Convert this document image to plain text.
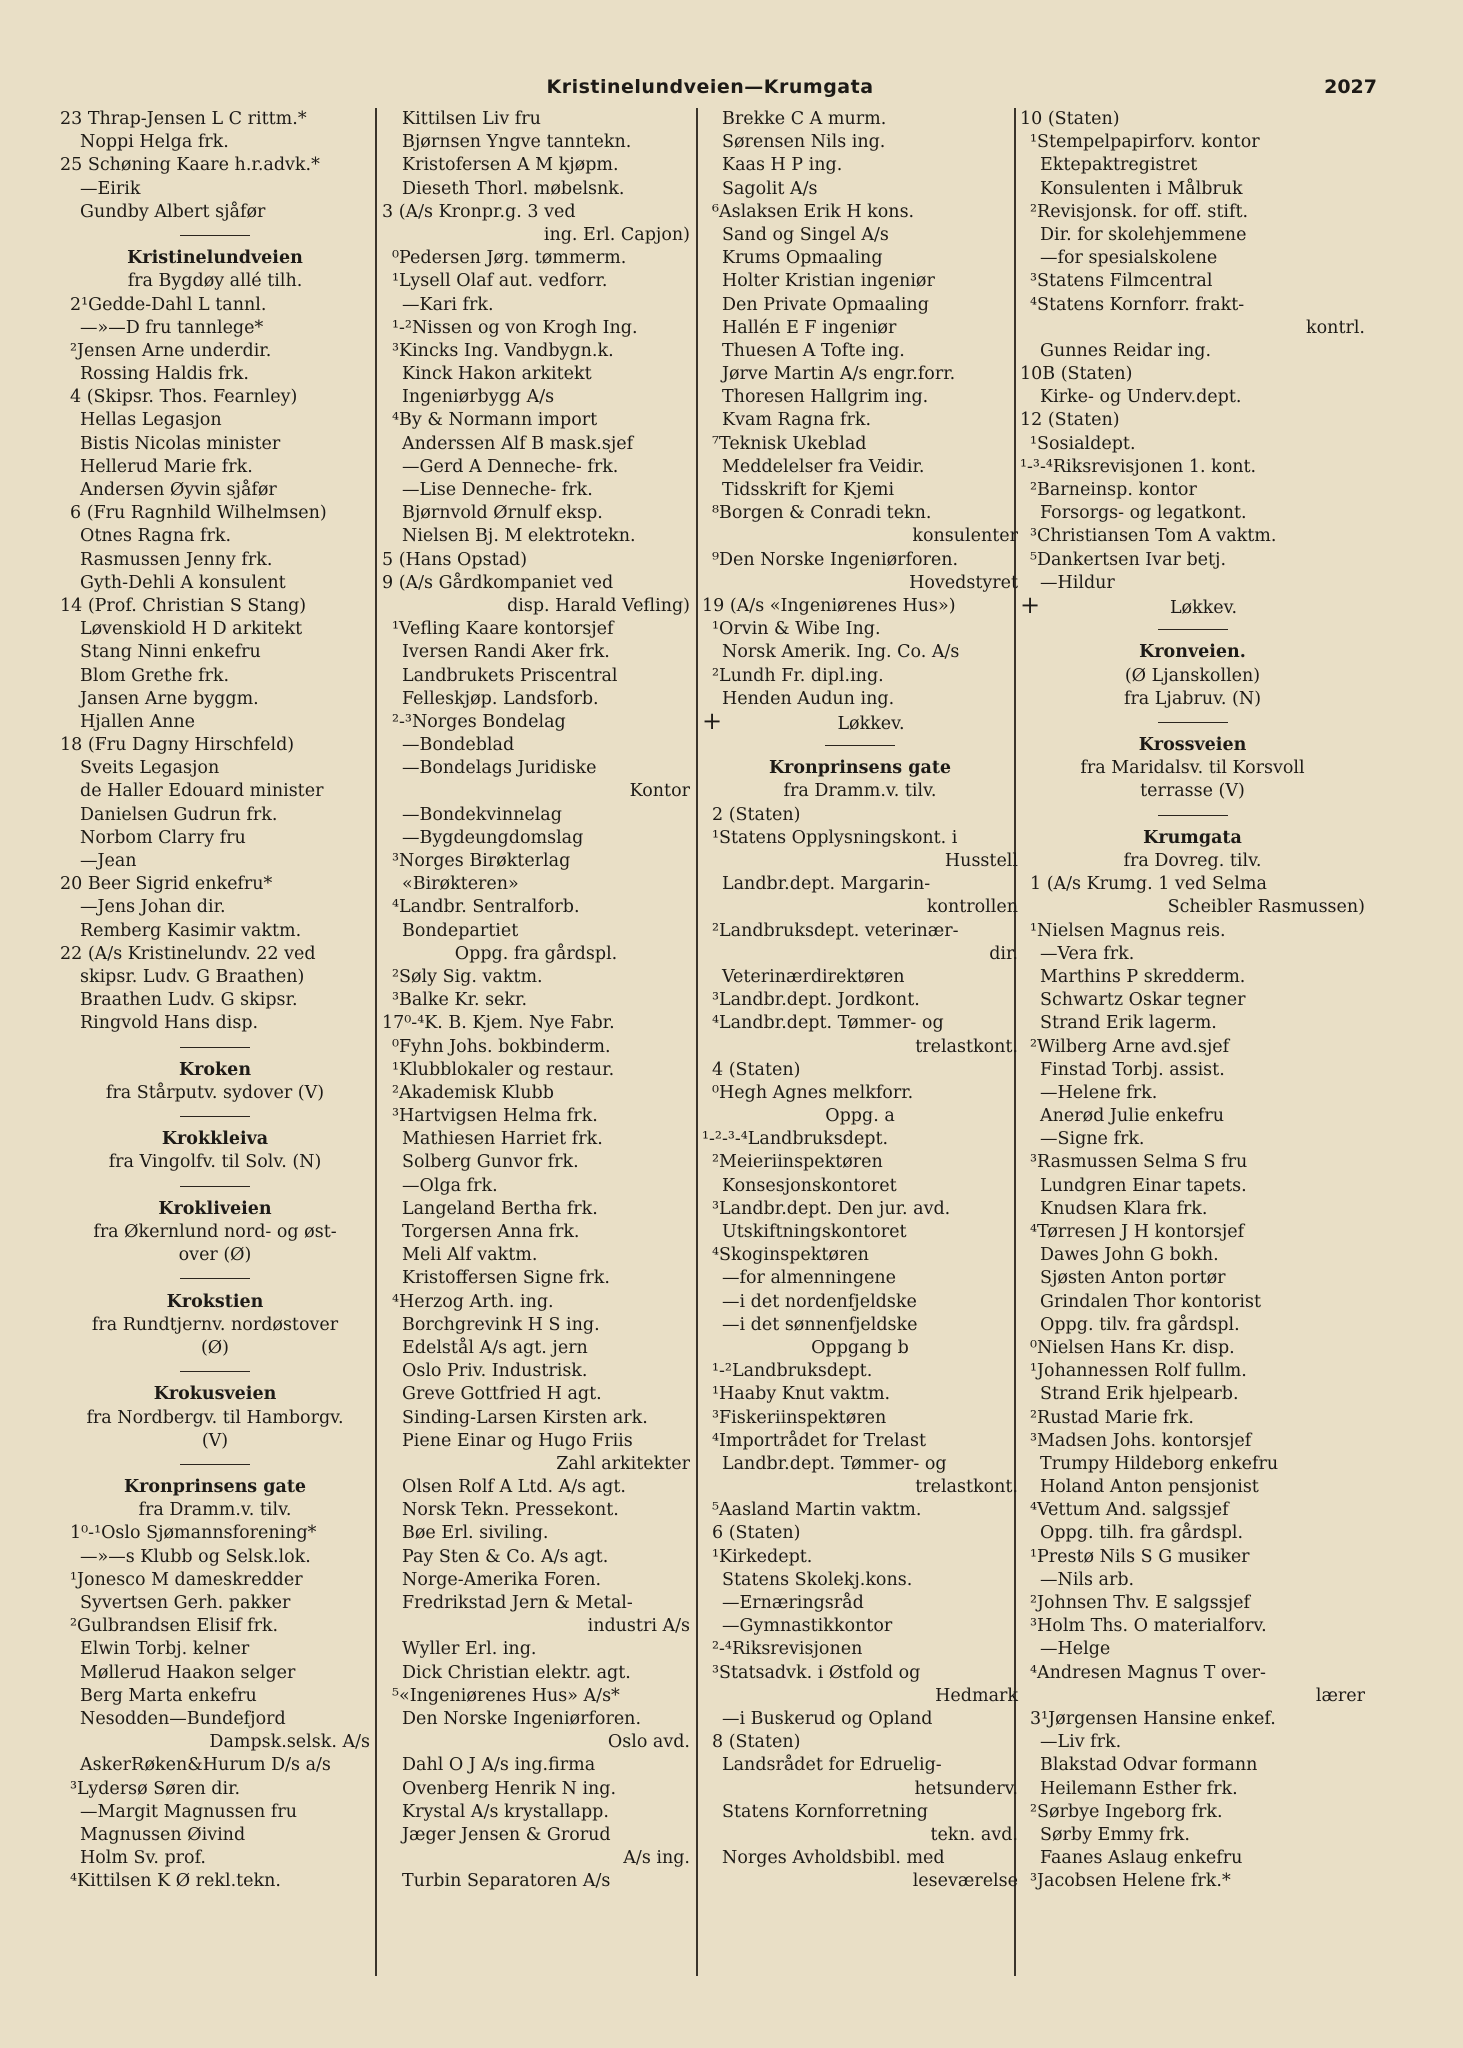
Kristinelundveien—Krumgata	2027
23 Thrap-Jensen L C rittm.*
Noppi Helga frk.
25 Schøning Kaare h.r.advk.*
—Eirik
Gundby Albert sjåfør
Kristinelundveien
fra Bygdøy allé tilh.
2¹Gedde-Dahl L tannl.
—»—D fru tannlege*
²Jensen Arne underdir.
Rossing Haldis frk.
4 (Skipsr. Thos. Fearnley)
Hellas Legasjon
Bistis Nicolas minister
Hellerud Marie frk.
Andersen Øyvin sjåfør
6 (Fru Ragnhild Wilhelmsen)
Otnes Ragna frk.
Rasmussen Jenny frk.
Gyth-Dehli A konsulent
14 (Prof. Christian S Stang)
Løvenskiold H D arkitekt
Stang Ninni enkefru
Blom Grethe frk.
Jansen Arne byggm.
Hjallen Anne
18 (Fru Dagny Hirschfeld)
Sveits Legasjon
de Haller Edouard minister
Danielsen Gudrun frk.
Norbom Clarry fru
—Jean
20 Beer Sigrid enkefru*
—Jens Johan dir.
Remberg Kasimir vaktm.
22 (A/s Kristinelundv. 22 ved
skipsr. Ludv. G Braathen)
Braathen Ludv. G skipsr.
Ringvold Hans disp.
Kroken
fra Stårputv. sydover (V)
Krokkleiva
fra Vingolfv. til Solv. (N)
Krokliveien
fra Økernlund nord- og øst-
over (Ø)
Krokstien
fra Rundtjernv. nordøstover
(Ø)
Krokusveien
fra Nordbergv. til Hamborgv.
(V)
Kronprinsens gate
fra Dramm.v. tilv.
1⁰-¹Oslo Sjømannsforening*
—»—s Klubb og Selsk.lok.
¹Jonesco M dameskredder
Syvertsen Gerh. pakker
²Gulbrandsen Elisif frk.
Elwin Torbj. kelner
Møllerud Haakon selger
Berg Marta enkefru
Nesodden—Bundefjord
Dampsk.selsk. A/s
AskerRøken&Hurum D/s a/s
³Lydersø Søren dir.
—Margit Magnussen fru
Magnussen Øivind
Holm Sv. prof.
⁴Kittilsen K Ø rekl.tekn.
Kittilsen Liv fru
Bjørnsen Yngve tanntekn.
Kristofersen A M kjøpm.
Dieseth Thorl. møbelsnk.
3 (A/s Kronpr.g. 3 ved
ing. Erl. Capjon)
⁰Pedersen Jørg. tømmerm.
¹Lysell Olaf aut. vedforr.
—Kari frk.
¹-²Nissen og von Krogh Ing.
³Kincks Ing. Vandbygn.k.
Kinck Hakon arkitekt
Ingeniørbygg A/s
⁴By & Normann import
Anderssen Alf B mask.sjef
—Gerd A Denneche- frk.
—Lise Denneche- frk.
Bjørnvold Ørnulf eksp.
Nielsen Bj. M elektrotekn.
5 (Hans Opstad)
9 (A/s Gårdkompaniet ved
disp. Harald Vefling)
¹Vefling Kaare kontorsjef
Iversen Randi Aker frk.
Landbrukets Priscentral
Felleskjøp. Landsforb.
²-³Norges Bondelag
—Bondeblad
—Bondelags Juridiske
Kontor
—Bondekvinnelag
—Bygdeungdomslag
³Norges Birøkterlag
«Birøkteren»
⁴Landbr. Sentralforb.
Bondepartiet
Oppg. fra gårdspl.
²Søly Sig. vaktm.
³Balke Kr. sekr.
17⁰-⁴K. B. Kjem. Nye Fabr.
⁰Fyhn Johs. bokbinderm.
¹Klubblokaler og restaur.
²Akademisk Klubb
³Hartvigsen Helma frk.
Mathiesen Harriet frk.
Solberg Gunvor frk.
—Olga frk.
Langeland Bertha frk.
Torgersen Anna frk.
Meli Alf vaktm.
Kristoffersen Signe frk.
⁴Herzog Arth. ing.
Borchgrevink H S ing.
Edelstål A/s agt. jern
Oslo Priv. Industrisk.
Greve Gottfried H agt.
Sinding-Larsen Kirsten ark.
Piene Einar og Hugo Friis
Zahl arkitekter
Olsen Rolf A Ltd. A/s agt.
Norsk Tekn. Pressekont.
Bøe Erl. siviling.
Pay Sten & Co. A/s agt.
Norge-Amerika Foren.
Fredrikstad Jern & Metal-
industri A/s
Wyller Erl. ing.
Dick Christian elektr. agt.
⁵«Ingeniørenes Hus» A/s*
Den Norske Ingeniørforen.
Oslo avd.
Dahl O J A/s ing.firma
Ovenberg Henrik N ing.
Krystal A/s krystallapp.
Jæger Jensen & Grorud
A/s ing.
Turbin Separatoren A/s
Brekke C A murm.
Sørensen Nils ing.
Kaas H P ing.
Sagolit A/s
⁶Aslaksen Erik H kons.
Sand og Singel A/s
Krums Opmaaling
Holter Kristian ingeniør
Den Private Opmaaling
Hallén E F ingeniør
Thuesen A Tofte ing.
Jørve Martin A/s engr.forr.
Thoresen Hallgrim ing.
Kvam Ragna frk.
⁷Teknisk Ukeblad
Meddelelser fra Veidir.
Tidsskrift for Kjemi
⁸Borgen & Conradi tekn.
konsulenter
⁹Den Norske Ingeniørforen.
Hovedstyret
19 (A/s «Ingeniørenes Hus»)
¹Orvin & Wibe Ing.
Norsk Amerik. Ing. Co. A/s
²Lundh Fr. dipl.ing.
Henden Audun ing.
+	Løkkev.
Kronprinsens gate
fra Dramm.v. tilv.
2 (Staten)
¹Statens Opplysningskont. i
Husstell
Landbr.dept. Margarin-
kontrollen
²Landbruksdept. veterinær-
dir.
Veterinærdirektøren
³Landbr.dept. Jordkont.
⁴Landbr.dept. Tømmer- og
trelastkont.
4 (Staten)
⁰Hegh Agnes melkforr.
Oppg. a
¹-²-³-⁴Landbruksdept.
²Meieriinspektøren
Konsesjonskontoret
³Landbr.dept. Den jur. avd.
Utskiftningskontoret
⁴Skoginspektøren
—for almenningene
—i det nordenfjeldske
—i det sønnenfjeldske
Oppgang b
¹-²Landbruksdept.
¹Haaby Knut vaktm.
³Fiskeriinspektøren
⁴Importrådet for Trelast
Landbr.dept. Tømmer- og
trelastkont.
⁵Aasland Martin vaktm.
6 (Staten)
¹Kirkedept.
Statens Skolekj.kons.
—Ernæringsråd
—Gymnastikkontor
²-⁴Riksrevisjonen
³Statsadvk. i Østfold og
Hedmark
—i Buskerud og Opland
8 (Staten)
Landsrådet for Edruelig-
hetsunderv.
Statens Kornforretning
tekn. avd.
Norges Avholdsbibl. med
leseværelse
10 (Staten)
¹Stempelpapirforv. kontor
Ektepaktregistret
Konsulenten i Målbruk
²Revisjonsk. for off. stift.
Dir. for skolehjemmene
—for spesialskolene
³Statens Filmcentral
⁴Statens Kornforr. frakt-
kontrl.
Gunnes Reidar ing.
10B (Staten)
Kirke- og Underv.dept.
12 (Staten)
¹Sosialdept.
¹-³-⁴Riksrevisjonen 1. kont.
²Barneinsp. kontor
Forsorgs- og legatkont.
³Christiansen Tom A vaktm.
⁵Dankertsen Ivar betj.
—Hildur
+	Løkkev.
Kronveien.
(Ø Ljanskollen)
fra Ljabruv. (N)
Krossveien
fra Maridalsv. til Korsvoll
terrasse (V)
Krumgata
fra Dovreg. tilv.
1 (A/s Krumg. 1 ved Selma
Scheibler Rasmussen)
¹Nielsen Magnus reis.
—Vera frk.
Marthins P skredderm.
Schwartz Oskar tegner
Strand Erik lagerm.
²Wilberg Arne avd.sjef
Finstad Torbj. assist.
—Helene frk.
Anerød Julie enkefru
—Signe frk.
³Rasmussen Selma S fru
Lundgren Einar tapets.
Knudsen Klara frk.
⁴Tørresen J H kontorsjef
Dawes John G bokh.
Sjøsten Anton portør
Grindalen Thor kontorist
Oppg. tilv. fra gårdspl.
⁰Nielsen Hans Kr. disp.
¹Johannessen Rolf fullm.
Strand Erik hjelpearb.
²Rustad Marie frk.
³Madsen Johs. kontorsjef
Trumpy Hildeborg enkefru
Holand Anton pensjonist
⁴Vettum And. salgssjef
Oppg. tilh. fra gårdspl.
¹Prestø Nils S G musiker
—Nils arb.
²Johnsen Thv. E salgssjef
³Holm Ths. O materialforv.
—Helge
⁴Andresen Magnus T over-
lærer
3¹Jørgensen Hansine enkef.
—Liv frk.
Blakstad Odvar formann
Heilemann Esther frk.
²Sørbye Ingeborg frk.
Sørby Emmy frk.
Faanes Aslaug enkefru
³Jacobsen Helene frk.*
